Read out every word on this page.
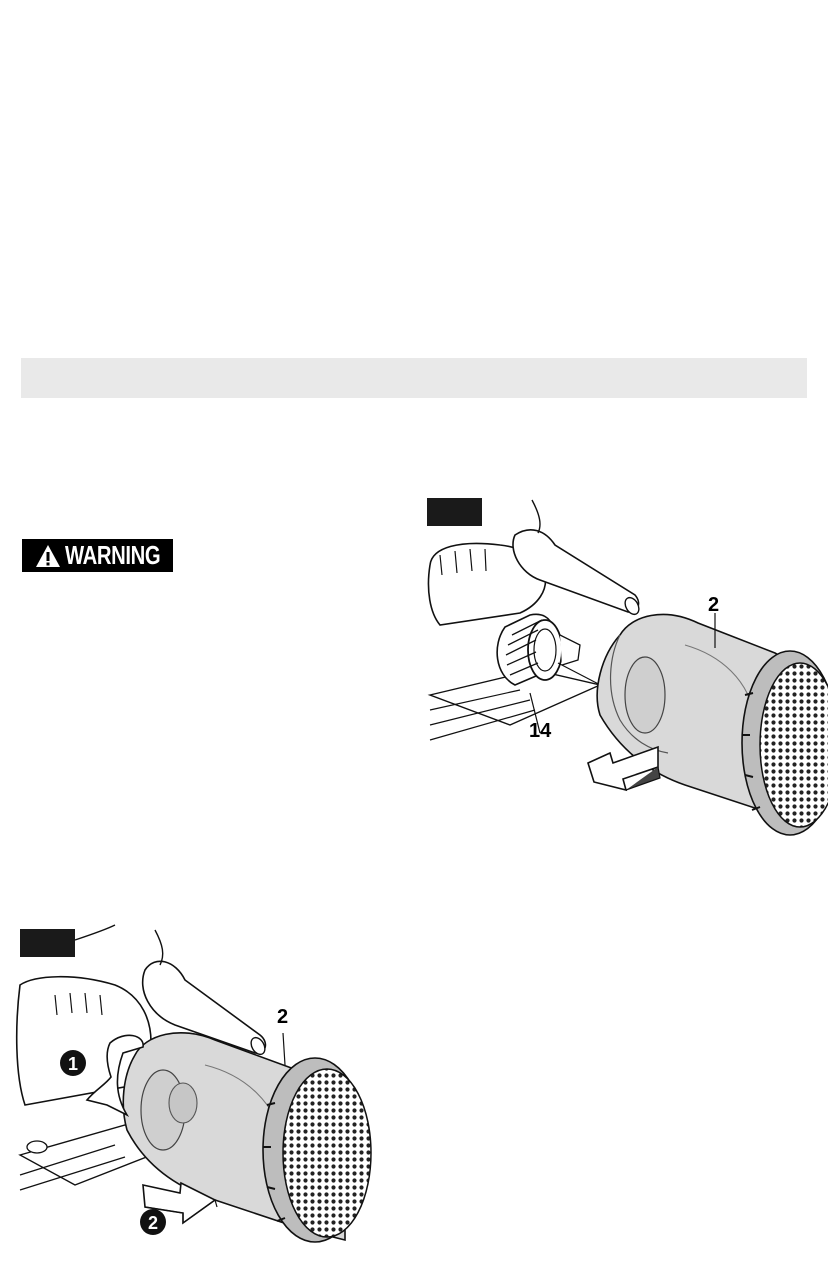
WARNING
2
14
1
2
2
